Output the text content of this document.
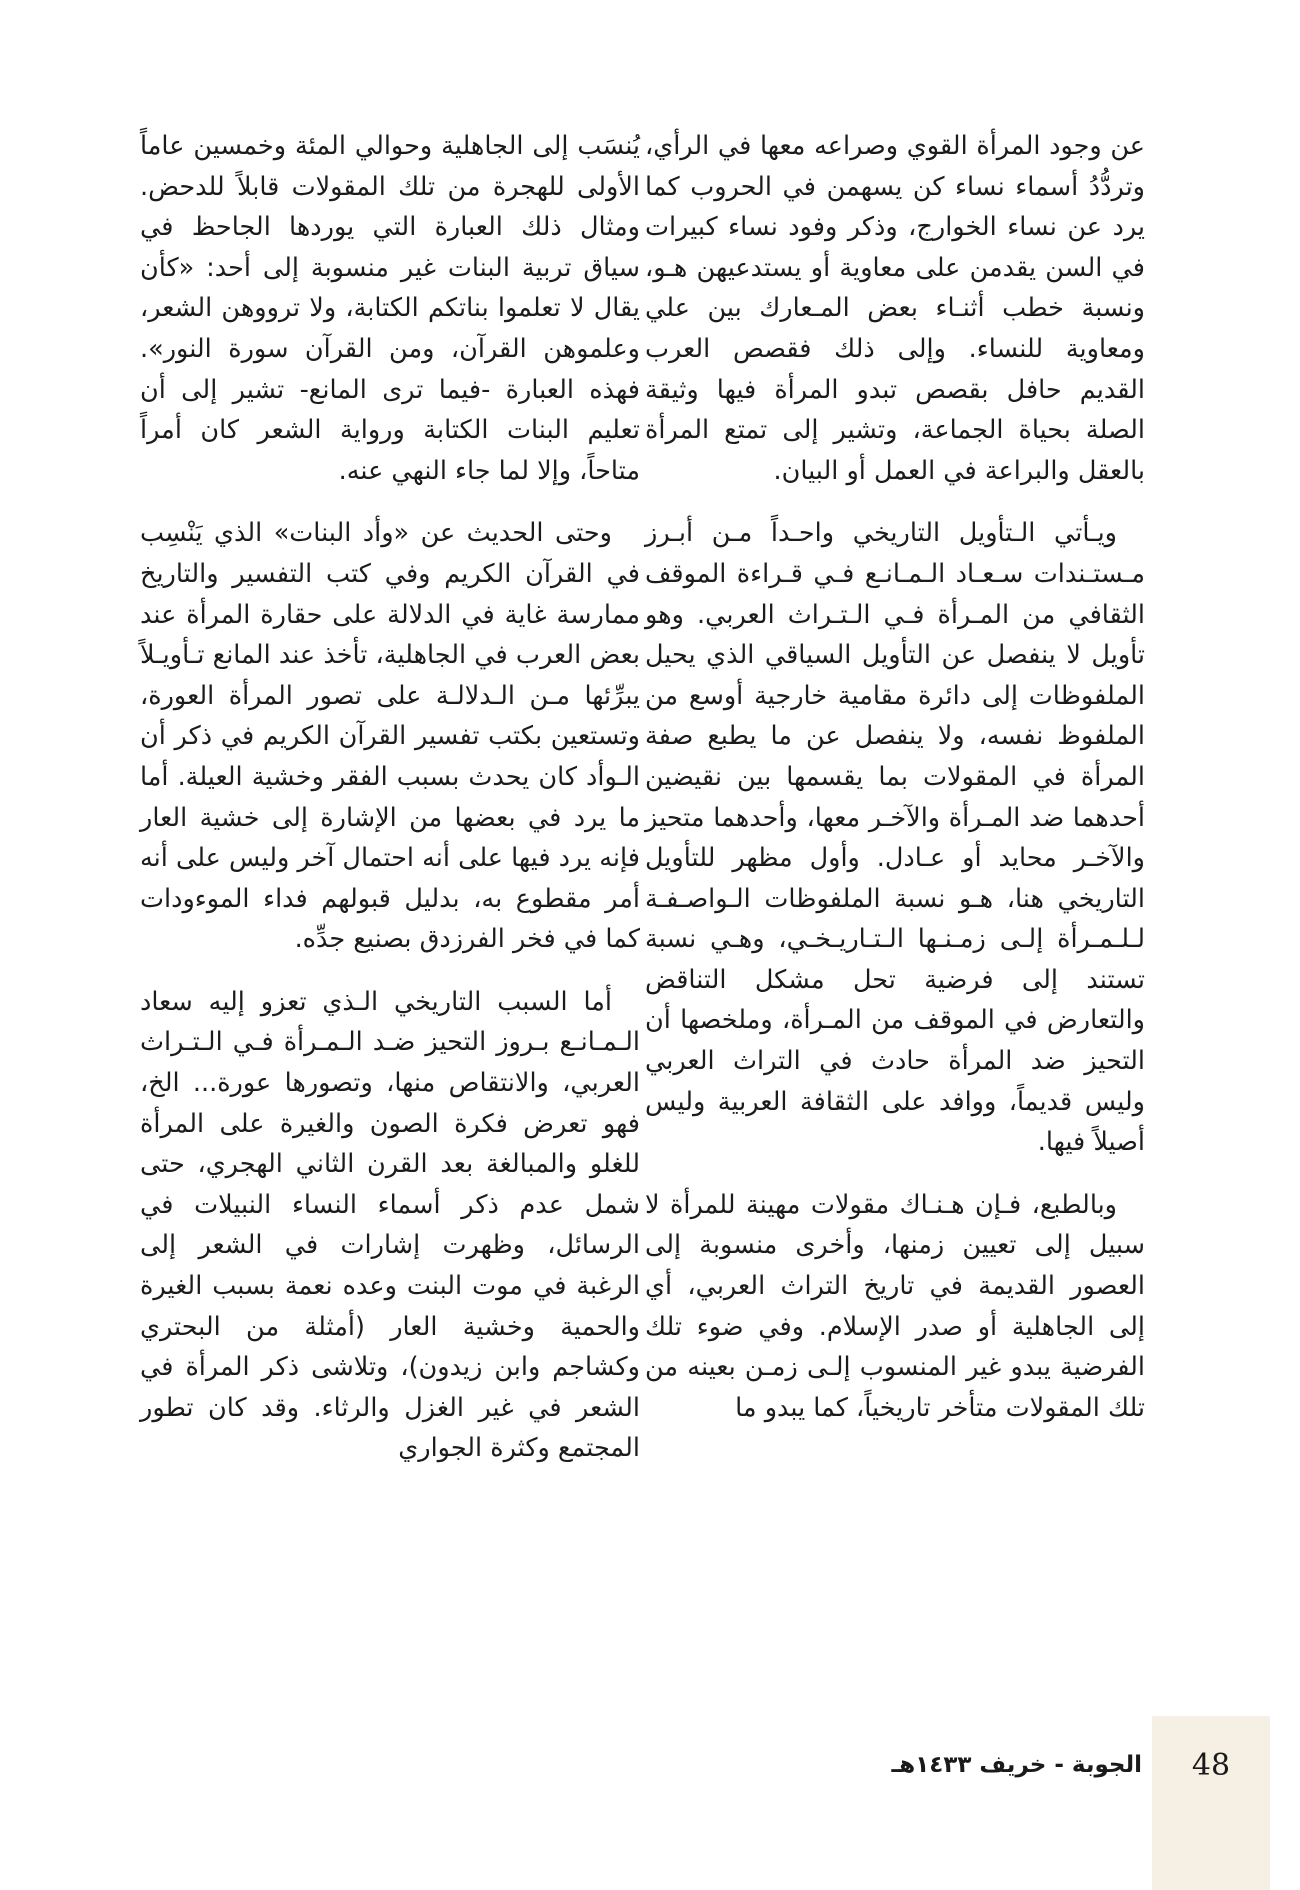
عن وجود المرأة القوي وصراعه معها في الرأي، وتردُّدُ أسماء نساء كن يسهمن في الحروب كما يرد عن نساء الخوارج، وذكر وفود نساء كبيرات في السن يقدمن على معاوية أو يستدعيهن هـو، ونسبة خطب أثنـاء بعض المـعارك بين علي ومعاوية للنساء. وإلى ذلك فقصص العرب القديم حافل بقصص تبدو المرأة فيها وثيقة الصلة بحياة الجماعة، وتشير إلى تمتع المرأة بالعقل والبراعة في العمل أو البيان.

ويـأتي الـتأويل التاريخي واحـداً مـن أبـرز مـستـندات سـعـاد الـمـانـع فـي قـراءة الموقف الثقافي من المـرأة فـي الـتـراث العربي. وهو تأويل لا ينفصل عن التأويل السياقي الذي يحيل الملفوظات إلى دائرة مقامية خارجية أوسع من الملفوظ نفسه، ولا ينفصل عن ما يطبع صفة المرأة في المقولات بما يقسمها بين نقيضين أحدهما ضد المـرأة والآخـر معها، وأحدهما متحيز والآخـر محايد أو عـادل. وأول مظهر للتأويل التاريخي هنا، هـو نسبة الملفوظات الـواصـفـة لـلـمـرأة إلـى زمـنـها الـتـاريـخـي، وهـي نسبة تستند إلى فرضية تحل مشكل التناقض والتعارض في الموقف من المـرأة، وملخصها أن التحيز ضد المرأة حادث في التراث العربي وليس قديماً، ووافد على الثقافة العربية وليس أصيلاً فيها.

وبالطبع، فـإن هـنـاك مقولات مهينة للمرأة لا سبيل إلى تعيين زمنها، وأخرى منسوبة إلى العصور القديمة في تاريخ التراث العربي، أي إلى الجاهلية أو صدر الإسلام. وفي ضوء تلك الفرضية يبدو غير المنسوب إلـى زمـن بعينه من تلك المقولات متأخر تاريخياً، كما يبدو ما

يُنسَب إلى الجاهلية وحوالي المئة وخمسين عاماً الأولى للهجرة من تلك المقولات قابلاً للدحض. ومثال ذلك العبارة التي يوردها الجاحظ في سياق تربية البنات غير منسوبة إلى أحد: «كأن يقال لا تعلموا بناتكم الكتابة، ولا ترووهن الشعر، وعلموهن القرآن، ومن القرآن سورة النور». فهذه العبارة -فيما ترى المانع- تشير إلى أن تعليم البنات الكتابة ورواية الشعر كان أمراً متاحاً، وإلا لما جاء النهي عنه.

وحتى الحديث عن «وأد البنات» الذي يَنْسِب في القرآن الكريم وفي كتب التفسير والتاريخ ممارسة غاية في الدلالة على حقارة المرأة عند بعض العرب في الجاهلية، تأخذ عند المانع تـأويـلاً يبرِّئها مـن الـدلالـة على تصور المرأة العورة، وتستعين بكتب تفسير القرآن الكريم في ذكر أن الـوأد كان يحدث بسبب الفقر وخشية العيلة. أما ما يرد في بعضها من الإشارة إلى خشية العار فإنه يرد فيها على أنه احتمال آخر وليس على أنه أمر مقطوع به، بدليل قبولهم فداء الموءودات كما في فخر الفرزدق بصنيع جدِّه.

أما السبب التاريخي الـذي تعزو إليه سعاد الـمـانـع بـروز التحيز ضـد الـمـرأة فـي الـتـراث العربي، والانتقاص منها، وتصورها عورة... الخ، فهو تعرض فكرة الصون والغيرة على المرأة للغلو والمبالغة بعد القرن الثاني الهجري، حتى شمل عدم ذكر أسماء النساء النبيلات في الرسائل، وظهرت إشارات في الشعر إلى الرغبة في موت البنت وعده نعمة بسبب الغيرة والحمية وخشية العار (أمثلة من البحتري وكشاجم وابن زيدون)، وتلاشى ذكر المرأة في الشعر في غير الغزل والرثاء. وقد كان تطور المجتمع وكثرة الجواري

48
الجوبة - خريف ١٤٣٣هـ
